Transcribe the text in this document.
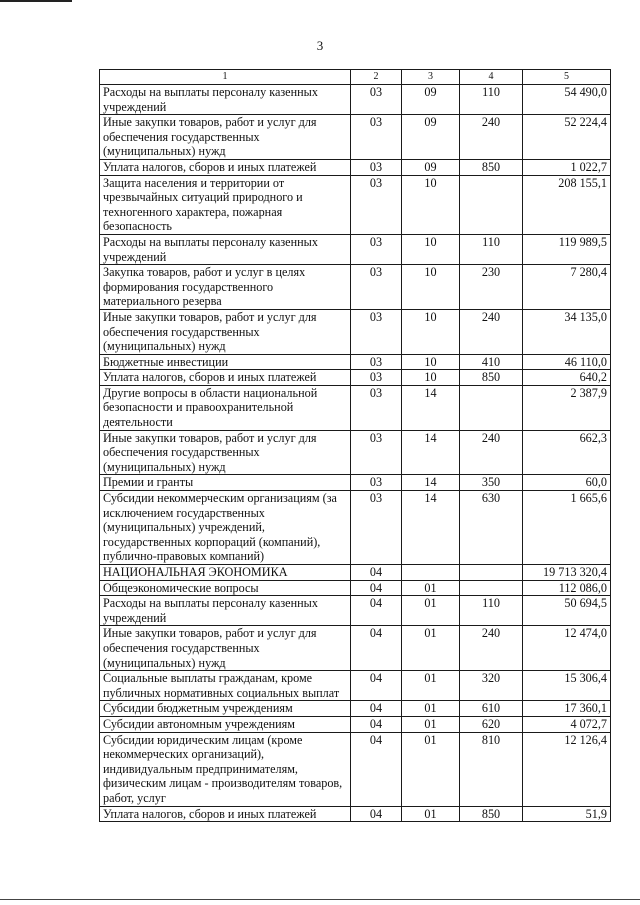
3
1	2	3	4	5
Расходы на выплаты персоналу казенных учреждений	03	09	110	54 490,0
Иные закупки товаров, работ и услуг для обеспечения государственных (муниципальных) нужд	03	09	240	52 224,4
Уплата налогов, сборов и иных платежей	03	09	850	1 022,7
Защита населения и территории от чрезвычайных ситуаций природного и техногенного характера, пожарная безопасность	03	10		208 155,1
Расходы на выплаты персоналу казенных учреждений	03	10	110	119 989,5
Закупка товаров, работ и услуг в целях формирования государственного материального резерва	03	10	230	7 280,4
Иные закупки товаров, работ и услуг для обеспечения государственных (муниципальных) нужд	03	10	240	34 135,0
Бюджетные инвестиции	03	10	410	46 110,0
Уплата налогов, сборов и иных платежей	03	10	850	640,2
Другие вопросы в области национальной безопасности и правоохранительной деятельности	03	14		2 387,9
Иные закупки товаров, работ и услуг для обеспечения государственных (муниципальных) нужд	03	14	240	662,3
Премии и гранты	03	14	350	60,0
Субсидии некоммерческим организациям (за исключением государственных (муниципальных) учреждений, государственных корпораций (компаний), публично-правовых компаний)	03	14	630	1 665,6
НАЦИОНАЛЬНАЯ ЭКОНОМИКА	04			19 713 320,4
Общеэкономические вопросы	04	01		112 086,0
Расходы на выплаты персоналу казенных учреждений	04	01	110	50 694,5
Иные закупки товаров, работ и услуг для обеспечения государственных (муниципальных) нужд	04	01	240	12 474,0
Социальные выплаты гражданам, кроме публичных нормативных социальных выплат	04	01	320	15 306,4
Субсидии бюджетным учреждениям	04	01	610	17 360,1
Субсидии автономным учреждениям	04	01	620	4 072,7
Субсидии юридическим лицам (кроме некоммерческих организаций), индивидуальным предпринимателям, физическим лицам - производителям товаров, работ, услуг	04	01	810	12 126,4
Уплата налогов, сборов и иных платежей	04	01	850	51,9
